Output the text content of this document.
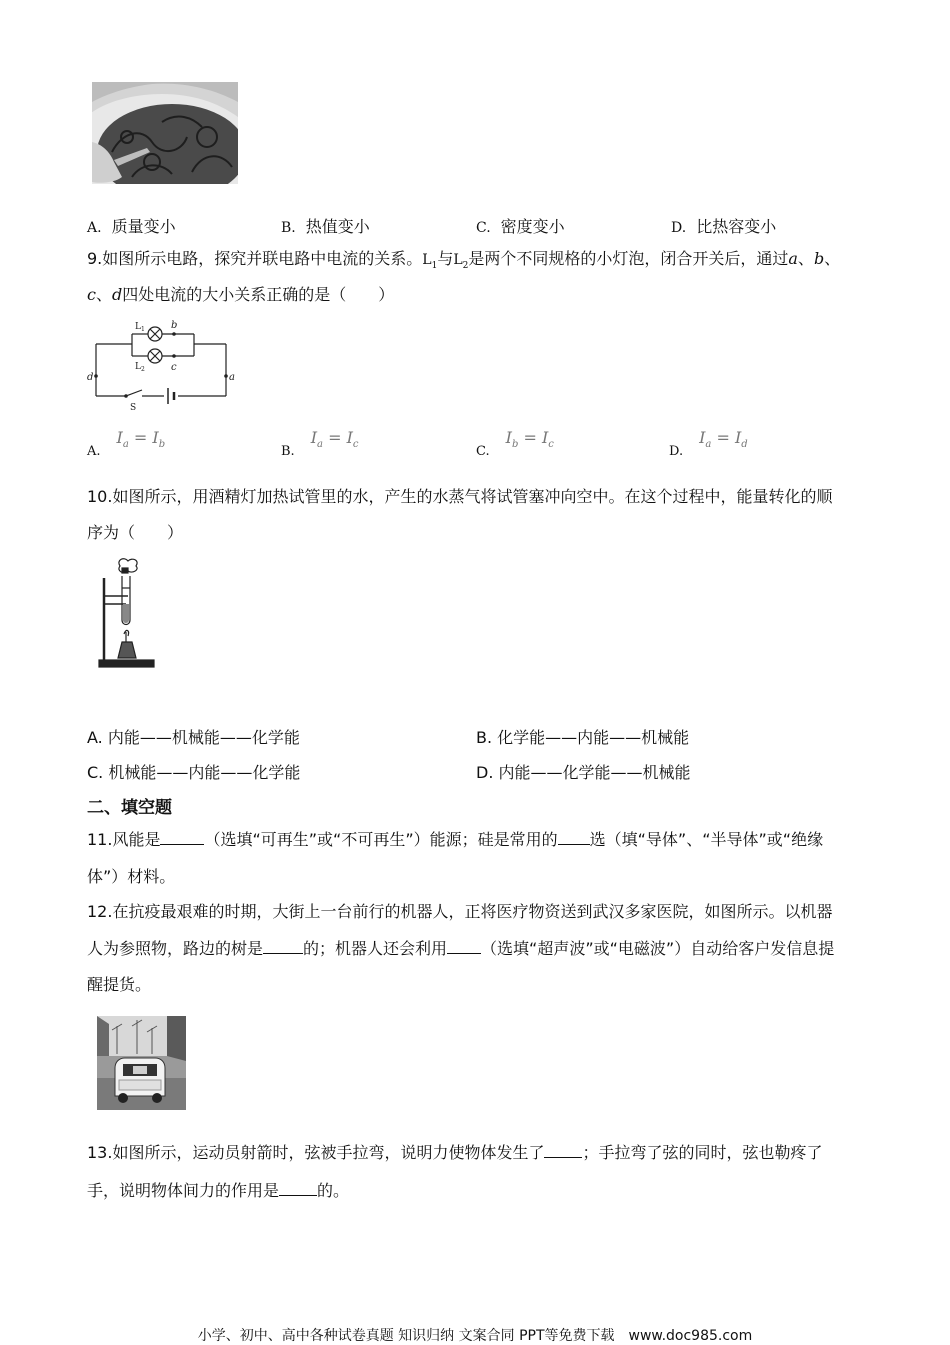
A. 质量变小	B. 热值变小	C. 密度变小	D. 比热容变小
9.如图所示电路，探究并联电路中电流的关系。$L_1$与$L_2$是两个不同规格的小灯泡，闭合开关后，通过a、b、
c、d四处电流的大小关系正确的是（　　）
$L_1$	b
$L_2$	c
d	a
S
$_{A.}I_a = I_b$	$_{B.}I_a = I_c$	$_{C.}I_b = I_c$	$_{D.}I_a = I_d$
10.如图所示，用酒精灯加热试管里的水，产生的水蒸气将试管塞冲向空中。在这个过程中，能量转化的顺
序为（　　）
A. 内能——机械能——化学能	B. 化学能——内能——机械能
C. 机械能——内能——化学能	D. 内能——化学能——机械能
二、填空题
11.风能是	（选填“可再生”或“不可再生”）能源；硅是常用的 选（填“导体”、“半导体”或“绝缘
体”）材料。
12.在抗疫最艰难的时期，大街上一台前行的机器人，正将医疗物资送到武汉多家医院，如图所示。以机器
人为参照物，路边的树是	的；机器人还会利用 （选填“超声波”或“电磁波”）自动给客户发信息提
醒提货。
13.如图所示，运动员射箭时，弦被手拉弯，说明力使物体发生了 ；手拉弯了弦的同时，弦也勒疼了
手，说明物体间力的作用是 的。
小学、初中、高中各种试卷真题 知识归纳 文案合同 PPT等免费下载　www.doc985.com
